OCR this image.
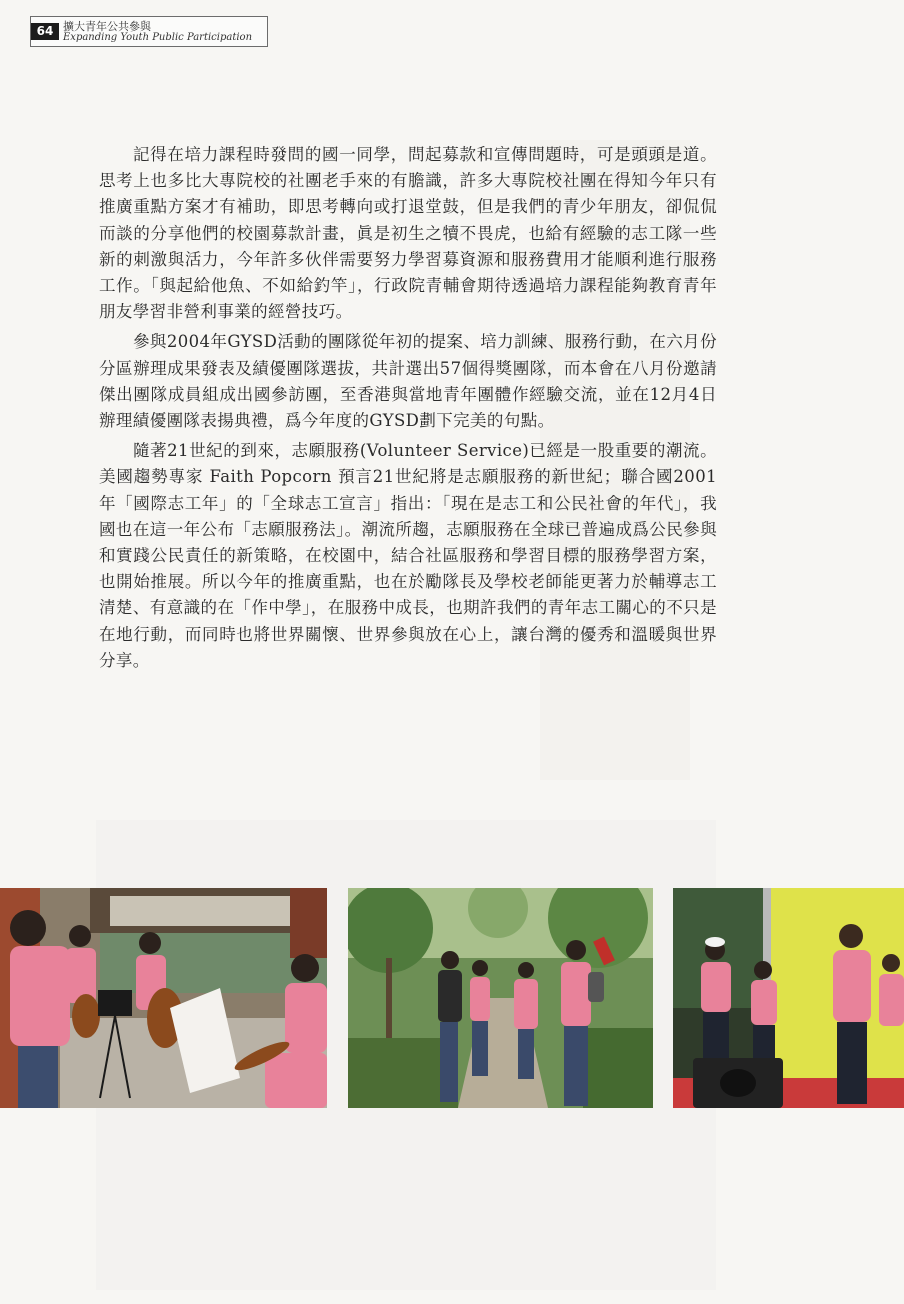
64 擴大青年公共參與
Expanding Youth Public Participation

記得在培力課程時發問的國一同學，問起募款和宣傳問題時，可是頭頭是道。思考上也多比大專院校的社團老手來的有膽識，許多大專院校社團在得知今年只有推廣重點方案才有補助，即思考轉向或打退堂鼓，但是我們的青少年朋友，卻侃侃而談的分享他們的校園募款計畫，眞是初生之犢不畏虎，也給有經驗的志工隊一些新的刺激與活力，今年許多伙伴需要努力學習募資源和服務費用才能順利進行服務工作。「與起給他魚、不如給釣竿」，行政院青輔會期待透過培力課程能夠教育青年朋友學習非營利事業的經營技巧。

參與2004年GYSD活動的團隊從年初的提案、培力訓練、服務行動，在六月份分區辦理成果發表及績優團隊選拔，共計選出57個得獎團隊，而本會在八月份邀請傑出團隊成員組成出國參訪團，至香港與當地青年團體作經驗交流，並在12月4日辦理績優團隊表揚典禮，爲今年度的GYSD劃下完美的句點。

隨著21世紀的到來，志願服務(Volunteer Service)已經是一股重要的潮流。美國趨勢專家 Faith Popcorn 預言21世紀將是志願服務的新世紀；聯合國2001年「國際志工年」的「全球志工宣言」指出：「現在是志工和公民社會的年代」，我國也在這一年公布「志願服務法」。潮流所趨，志願服務在全球已普遍成爲公民參與和實踐公民責任的新策略，在校園中，結合社區服務和學習目標的服務學習方案，也開始推展。所以今年的推廣重點，也在於勵隊長及學校老師能更著力於輔導志工清楚、有意識的在「作中學」，在服務中成長，也期許我們的青年志工關心的不只是在地行動，而同時也將世界關懷、世界參與放在心上，讓台灣的優秀和溫暖與世界分享。
